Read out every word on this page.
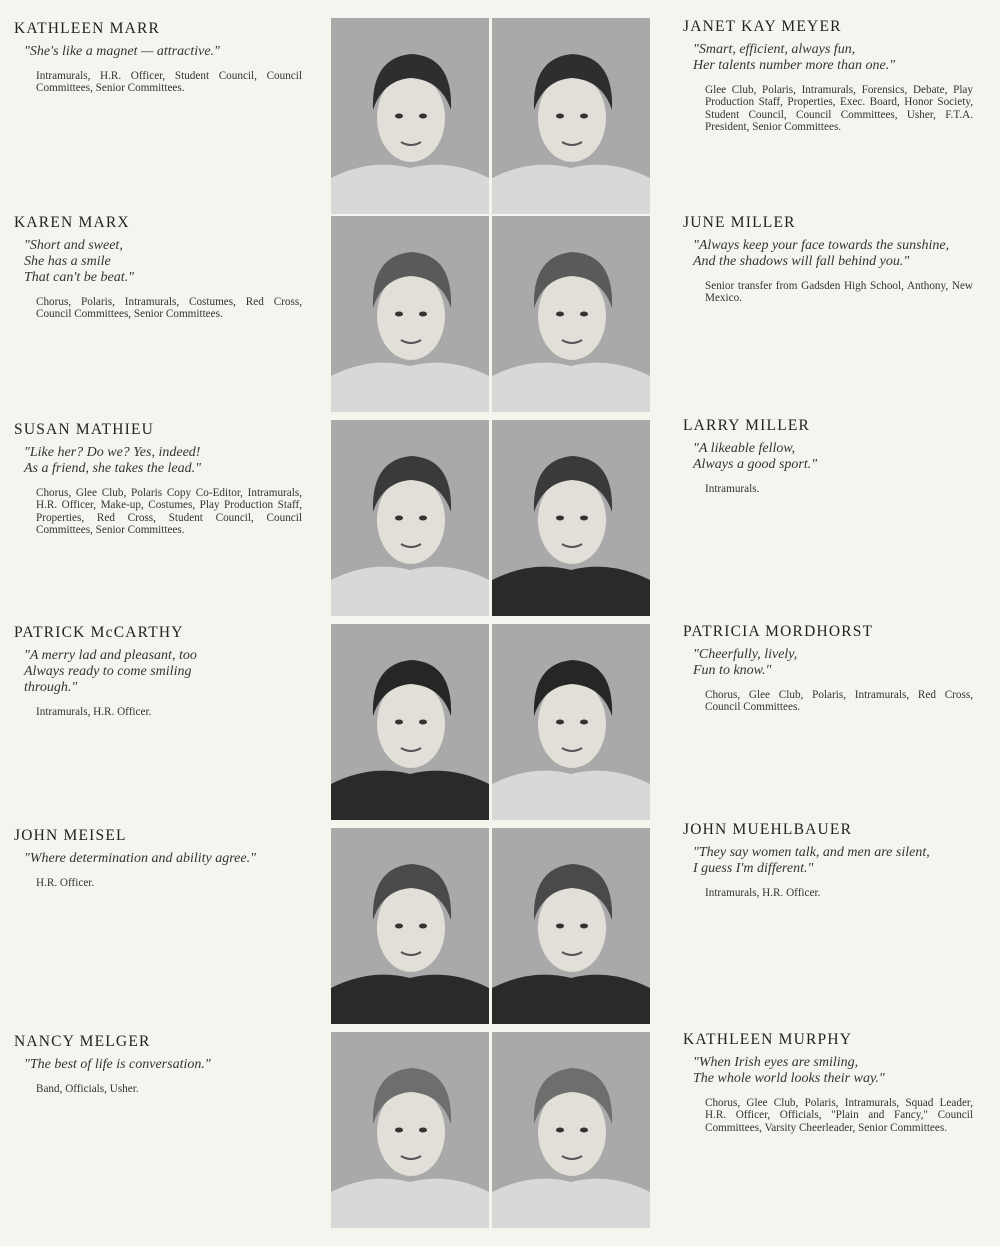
KATHLEEN MARR
"She's like a magnet — attractive."
Intramurals, H.R. Officer, Student Council, Council Committees, Senior Committees.
KAREN MARX
"Short and sweet,
She has a smile
That can't be beat."
Chorus, Polaris, Intramurals, Costumes, Red Cross, Council Committees, Senior Committees.
SUSAN MATHIEU
"Like her? Do we? Yes, indeed!
As a friend, she takes the lead."
Chorus, Glee Club, Polaris Copy Co-Editor, Intramurals, H.R. Officer, Make-up, Costumes, Play Production Staff, Properties, Red Cross, Student Council, Council Committees, Senior Committees.
PATRICK McCARTHY
"A merry lad and pleasant, too
Always ready to come smiling
through."
Intramurals, H.R. Officer.
JOHN MEISEL
"Where determination and ability agree."
H.R. Officer.
NANCY MELGER
"The best of life is conversation."
Band, Officials, Usher.
JANET KAY MEYER
"Smart, efficient, always fun,
Her talents number more than one."
Glee Club, Polaris, Intramurals, Forensics, Debate, Play Production Staff, Properties, Exec. Board, Honor Society, Student Council, Council Committees, Usher, F.T.A. President, Senior Committees.
JUNE MILLER
"Always keep your face towards the sunshine,
And the shadows will fall behind you."
Senior transfer from Gadsden High School, Anthony, New Mexico.
LARRY MILLER
"A likeable fellow,
Always a good sport."
Intramurals.
PATRICIA MORDHORST
"Cheerfully, lively,
Fun to know."
Chorus, Glee Club, Polaris, Intramurals, Red Cross, Council Committees.
JOHN MUEHLBAUER
"They say women talk, and men are silent,
I guess I'm different."
Intramurals, H.R. Officer.
KATHLEEN MURPHY
"When Irish eyes are smiling,
The whole world looks their way."
Chorus, Glee Club, Polaris, Intramurals, Squad Leader, H.R. Officer, Officials, "Plain and Fancy," Council Committees, Varsity Cheerleader, Senior Committees.
